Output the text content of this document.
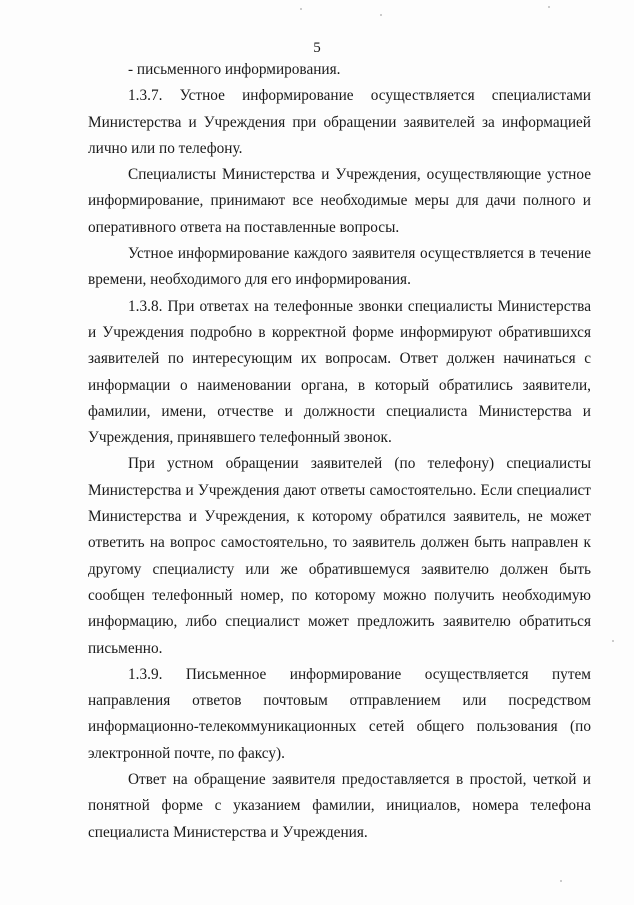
5

- письменного информирования.

1.3.7. Устное информирование осуществляется специалистами Министерства и Учреждения при обращении заявителей за информацией лично или по телефону.

Специалисты Министерства и Учреждения, осуществляющие устное информирование, принимают все необходимые меры для дачи полного и оперативного ответа на поставленные вопросы.

Устное информирование каждого заявителя осуществляется в течение времени, необходимого для его информирования.

1.3.8. При ответах на телефонные звонки специалисты Министерства и Учреждения подробно в корректной форме информируют обратившихся заявителей по интересующим их вопросам. Ответ должен начинаться с информации о наименовании органа, в который обратились заявители, фамилии, имени, отчестве и должности специалиста Министерства и Учреждения, принявшего телефонный звонок.

При устном обращении заявителей (по телефону) специалисты Министерства и Учреждения дают ответы самостоятельно. Если специалист Министерства и Учреждения, к которому обратился заявитель, не может ответить на вопрос самостоятельно, то заявитель должен быть направлен к другому специалисту или же обратившемуся заявителю должен быть сообщен телефонный номер, по которому можно получить необходимую информацию, либо специалист может предложить заявителю обратиться письменно.

1.3.9. Письменное информирование осуществляется путем направления ответов почтовым отправлением или посредством информационно-телекоммуникационных сетей общего пользования (по электронной почте, по факсу).

Ответ на обращение заявителя предоставляется в простой, четкой и понятной форме с указанием фамилии, инициалов, номера телефона специалиста Министерства и Учреждения.
